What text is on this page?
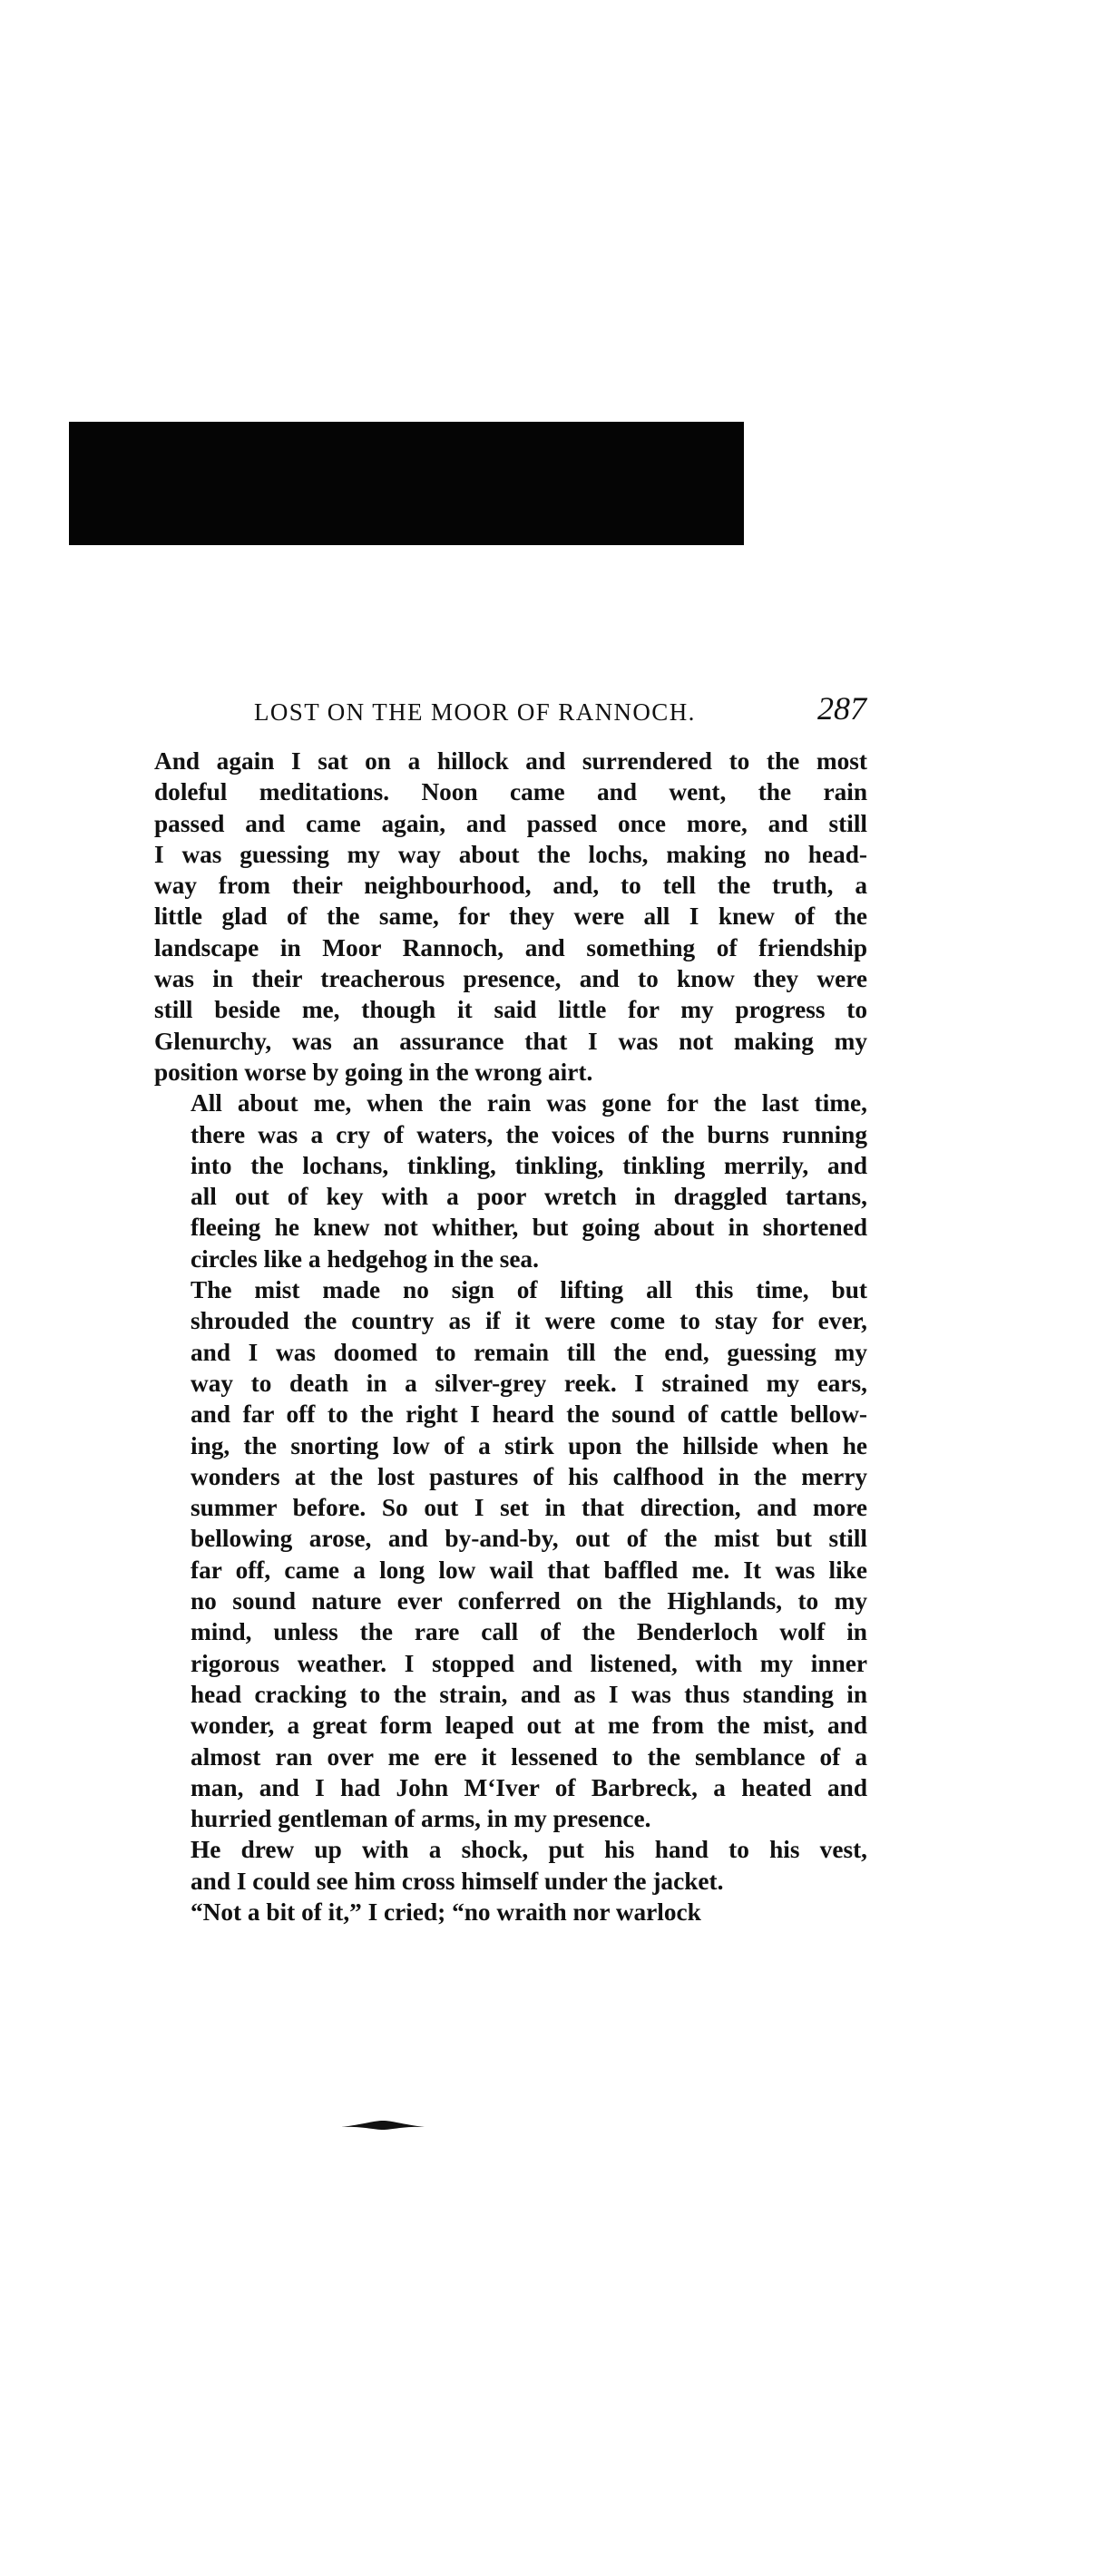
LOST ON THE MOOR OF RANNOCH.	287

And again I sat on a hillock and surrendered to the most
doleful meditations. Noon came and went, the rain
passed and came again, and passed once more, and still
I was guessing my way about the lochs, making no head-
way from their neighbourhood, and, to tell the truth, a
little glad of the same, for they were all I knew of the
landscape in Moor Rannoch, and something of friendship
was in their treacherous presence, and to know they were
still beside me, though it said little for my progress to
Glenurchy, was an assurance that I was not making my
position worse by going in the wrong airt.

All about me, when the rain was gone for the last time,
there was a cry of waters, the voices of the burns running
into the lochans, tinkling, tinkling, tinkling merrily, and
all out of key with a poor wretch in draggled tartans,
fleeing he knew not whither, but going about in shortened
circles like a hedgehog in the sea.

The mist made no sign of lifting all this time, but
shrouded the country as if it were come to stay for ever,
and I was doomed to remain till the end, guessing my
way to death in a silver-grey reek. I strained my ears,
and far off to the right I heard the sound of cattle bellow-
ing, the snorting low of a stirk upon the hillside when he
wonders at the lost pastures of his calfhood in the merry
summer before. So out I set in that direction, and more
bellowing arose, and by-and-by, out of the mist but still
far off, came a long low wail that baffled me. It was like
no sound nature ever conferred on the Highlands, to my
mind, unless the rare call of the Benderloch wolf in
rigorous weather. I stopped and listened, with my inner
head cracking to the strain, and as I was thus standing in
wonder, a great form leaped out at me from the mist, and
almost ran over me ere it lessened to the semblance of a
man, and I had John M‘Iver of Barbreck, a heated and
hurried gentleman of arms, in my presence.

He drew up with a shock, put his hand to his vest,
and I could see him cross himself under the jacket.

“Not a bit of it,” I cried; “no wraith nor warlock
